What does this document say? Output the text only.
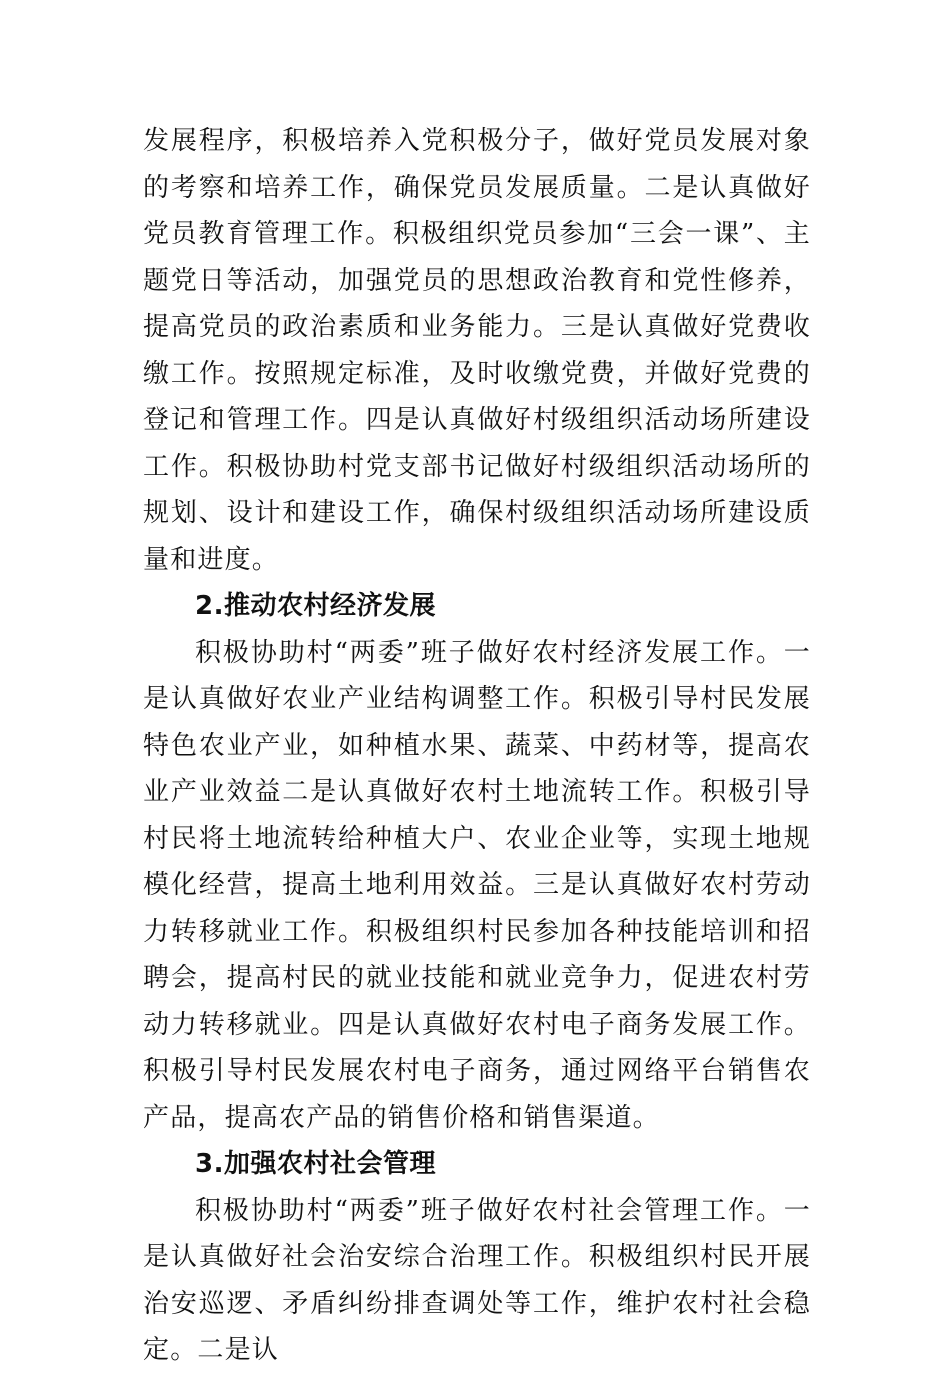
发展程序，积极培养入党积极分子，做好党员发展对象的考察和培养工作，确保党员发展质量。二是认真做好党员教育管理工作。积极组织党员参加“三会一课”、主题党日等活动，加强党员的思想政治教育和党性修养，提高党员的政治素质和业务能力。三是认真做好党费收缴工作。按照规定标准，及时收缴党费，并做好党费的登记和管理工作。四是认真做好村级组织活动场所建设工作。积极协助村党支部书记做好村级组织活动场所的规划、设计和建设工作，确保村级组织活动场所建设质量和进度。

2.推动农村经济发展

积极协助村“两委”班子做好农村经济发展工作。一是认真做好农业产业结构调整工作。积极引导村民发展特色农业产业，如种植水果、蔬菜、中药材等，提高农业产业效益二是认真做好农村土地流转工作。积极引导村民将土地流转给种植大户、农业企业等，实现土地规模化经营，提高土地利用效益。三是认真做好农村劳动力转移就业工作。积极组织村民参加各种技能培训和招聘会，提高村民的就业技能和就业竞争力，促进农村劳动力转移就业。四是认真做好农村电子商务发展工作。积极引导村民发展农村电子商务，通过网络平台销售农产品，提高农产品的销售价格和销售渠道。

3.加强农村社会管理

积极协助村“两委”班子做好农村社会管理工作。一是认真做好社会治安综合治理工作。积极组织村民开展治安巡逻、矛盾纠纷排查调处等工作，维护农村社会稳定。二是认
